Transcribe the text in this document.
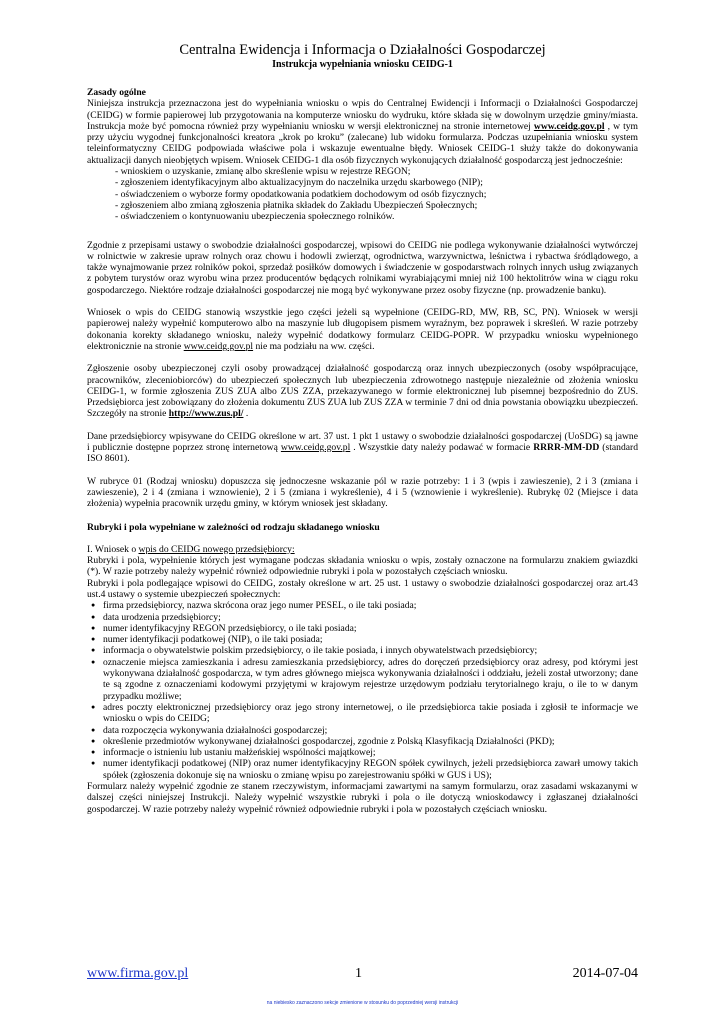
Centralna Ewidencja i Informacja o Działalności Gospodarczej
Instrukcja wypełniania wniosku CEIDG-1
Zasady ogólne

Niniejsza instrukcja przeznaczona jest do wypełniania wniosku o wpis do Centralnej Ewidencji i Informacji o Działalności Gospodarczej (CEIDG) w formie papierowej lub przygotowania na komputerze wniosku do wydruku, które składa się w dowolnym urzędzie gminy/miasta. Instrukcja może być pomocna również przy wypełnianiu wniosku w wersji elektronicznej na stronie internetowej www.ceidg.gov.pl , w tym przy użyciu wygodnej funkcjonalności kreatora „krok po kroku” (zalecane) lub widoku formularza. Podczas uzupełniania wniosku system teleinformatyczny CEIDG podpowiada właściwe pola i wskazuje ewentualne błędy. Wniosek CEIDG-1 służy także do dokonywania aktualizacji danych nieobjętych wpisem. Wniosek CEIDG-1 dla osób fizycznych wykonujących działalność gospodarczą jest jednocześnie:

- wnioskiem o uzyskanie, zmianę albo skreślenie wpisu w rejestrze REGON;
- zgłoszeniem identyfikacyjnym albo aktualizacyjnym do naczelnika urzędu skarbowego (NIP);
- oświadczeniem o wyborze formy opodatkowania podatkiem dochodowym od osób fizycznych;
- zgłoszeniem albo zmianą zgłoszenia płatnika składek do Zakładu Ubezpieczeń Społecznych;
- oświadczeniem o kontynuowaniu ubezpieczenia społecznego rolników.

Zgodnie z przepisami ustawy o swobodzie działalności gospodarczej, wpisowi do CEIDG nie podlega wykonywanie działalności wytwórczej w rolnictwie w zakresie upraw rolnych oraz chowu i hodowli zwierząt, ogrodnictwa, warzywnictwa, leśnictwa i rybactwa śródlądowego, a także wynajmowanie przez rolników pokoi, sprzedaż posiłków domowych i świadczenie w gospodarstwach rolnych innych usług związanych z pobytem turystów oraz wyrobu wina przez producentów będących rolnikami wyrabiającymi mniej niż 100 hektolitrów wina w ciągu roku gospodarczego. Niektóre rodzaje działalności gospodarczej nie mogą być wykonywane przez osoby fizyczne (np. prowadzenie banku).

Wniosek o wpis do CEIDG stanowią wszystkie jego części jeżeli są wypełnione (CEIDG-RD, MW, RB, SC, PN). Wniosek w wersji papierowej należy wypełnić komputerowo albo na maszynie lub długopisem pismem wyraźnym, bez poprawek i skreśleń. W razie potrzeby dokonania korekty składanego wniosku, należy wypełnić dodatkowy formularz CEIDG-POPR. W przypadku wniosku wypełnionego elektronicznie na stronie www.ceidg.gov.pl nie ma podziału na ww. części.

Zgłoszenie osoby ubezpieczonej czyli osoby prowadzącej działalność gospodarczą oraz innych ubezpieczonych (osoby współpracujące, pracowników, zleceniobiorców) do ubezpieczeń społecznych lub ubezpieczenia zdrowotnego następuje niezależnie od złożenia wniosku CEIDG-1, w formie zgłoszenia ZUS ZUA albo ZUS ZZA, przekazywanego w formie elektronicznej lub pisemnej bezpośrednio do ZUS. Przedsiębiorca jest zobowiązany do złożenia dokumentu ZUS ZUA lub ZUS ZZA w terminie 7 dni od dnia powstania obowiązku ubezpieczeń. Szczegóły na stronie http://www.zus.pl/ .

Dane przedsiębiorcy wpisywane do CEIDG określone w art. 37 ust. 1 pkt 1 ustawy o swobodzie działalności gospodarczej (UoSDG) są jawne i publicznie dostępne poprzez stronę internetową www.ceidg.gov.pl . Wszystkie daty należy podawać w formacie RRRR-MM-DD (standard ISO 8601).

W rubryce 01 (Rodzaj wniosku) dopuszcza się jednoczesne wskazanie pól w razie potrzeby: 1 i 3 (wpis i zawieszenie), 2 i 3 (zmiana i zawieszenie), 2 i 4 (zmiana i wznowienie), 2 i 5 (zmiana i wykreślenie), 4 i 5 (wznowienie i wykreślenie). Rubrykę 02 (Miejsce i data złożenia) wypełnia pracownik urzędu gminy, w którym wniosek jest składany.

Rubryki i pola wypełniane w zależności od rodzaju składanego wniosku

I. Wniosek o wpis do CEIDG nowego przedsiębiorcy:

Rubryki i pola, wypełnienie których jest wymagane podczas składania wniosku o wpis, zostały oznaczone na formularzu znakiem gwiazdki (*). W razie potrzeby należy wypełnić również odpowiednie rubryki i pola w pozostałych częściach wniosku.

Rubryki i pola podlegające wpisowi do CEIDG, zostały określone w art. 25 ust. 1 ustawy o swobodzie działalności gospodarczej oraz art.43 ust.4 ustawy o systemie ubezpieczeń społecznych:

● firma przedsiębiorcy, nazwa skrócona oraz jego numer PESEL, o ile taki posiada;
● data urodzenia przedsiębiorcy;
● numer identyfikacyjny REGON przedsiębiorcy, o ile taki posiada;
● numer identyfikacji podatkowej (NIP), o ile taki posiada;
● informacja o obywatelstwie polskim przedsiębiorcy, o ile takie posiada, i innych obywatelstwach przedsiębiorcy;
● oznaczenie miejsca zamieszkania i adresu zamieszkania przedsiębiorcy, adres do doręczeń przedsiębiorcy oraz adresy, pod którymi jest wykonywana działalność gospodarcza, w tym adres głównego miejsca wykonywania działalności i oddziału, jeżeli został utworzony; dane te są zgodne z oznaczeniami kodowymi przyjętymi w krajowym rejestrze urzędowym podziału terytorialnego kraju, o ile to w danym przypadku możliwe;
● adres poczty elektronicznej przedsiębiorcy oraz jego strony internetowej, o ile przedsiębiorca takie posiada i zgłosił te informacje we wniosku o wpis do CEIDG;
● data rozpoczęcia wykonywania działalności gospodarczej;
● określenie przedmiotów wykonywanej działalności gospodarczej, zgodnie z Polską Klasyfikacją Działalności (PKD);
● informacje o istnieniu lub ustaniu małżeńskiej wspólności majątkowej;
● numer identyfikacji podatkowej (NIP) oraz numer identyfikacyjny REGON spółek cywilnych, jeżeli przedsiębiorca zawarł umowy takich spółek (zgłoszenia dokonuje się na wniosku o zmianę wpisu po zarejestrowaniu spółki w GUS i US);

Formularz należy wypełnić zgodnie ze stanem rzeczywistym, informacjami zawartymi na samym formularzu, oraz zasadami wskazanymi w dalszej części niniejszej Instrukcji. Należy wypełnić wszystkie rubryki i pola o ile dotyczą wnioskodawcy i zgłaszanej działalności gospodarczej. W razie potrzeby należy wypełnić również odpowiednie rubryki i pola w pozostałych częściach wniosku.

www.firma.gov.pl	1	2014-07-04
na niebiesko zaznaczono sekcje zmienione w stosunku do poprzedniej wersji instrukcji
